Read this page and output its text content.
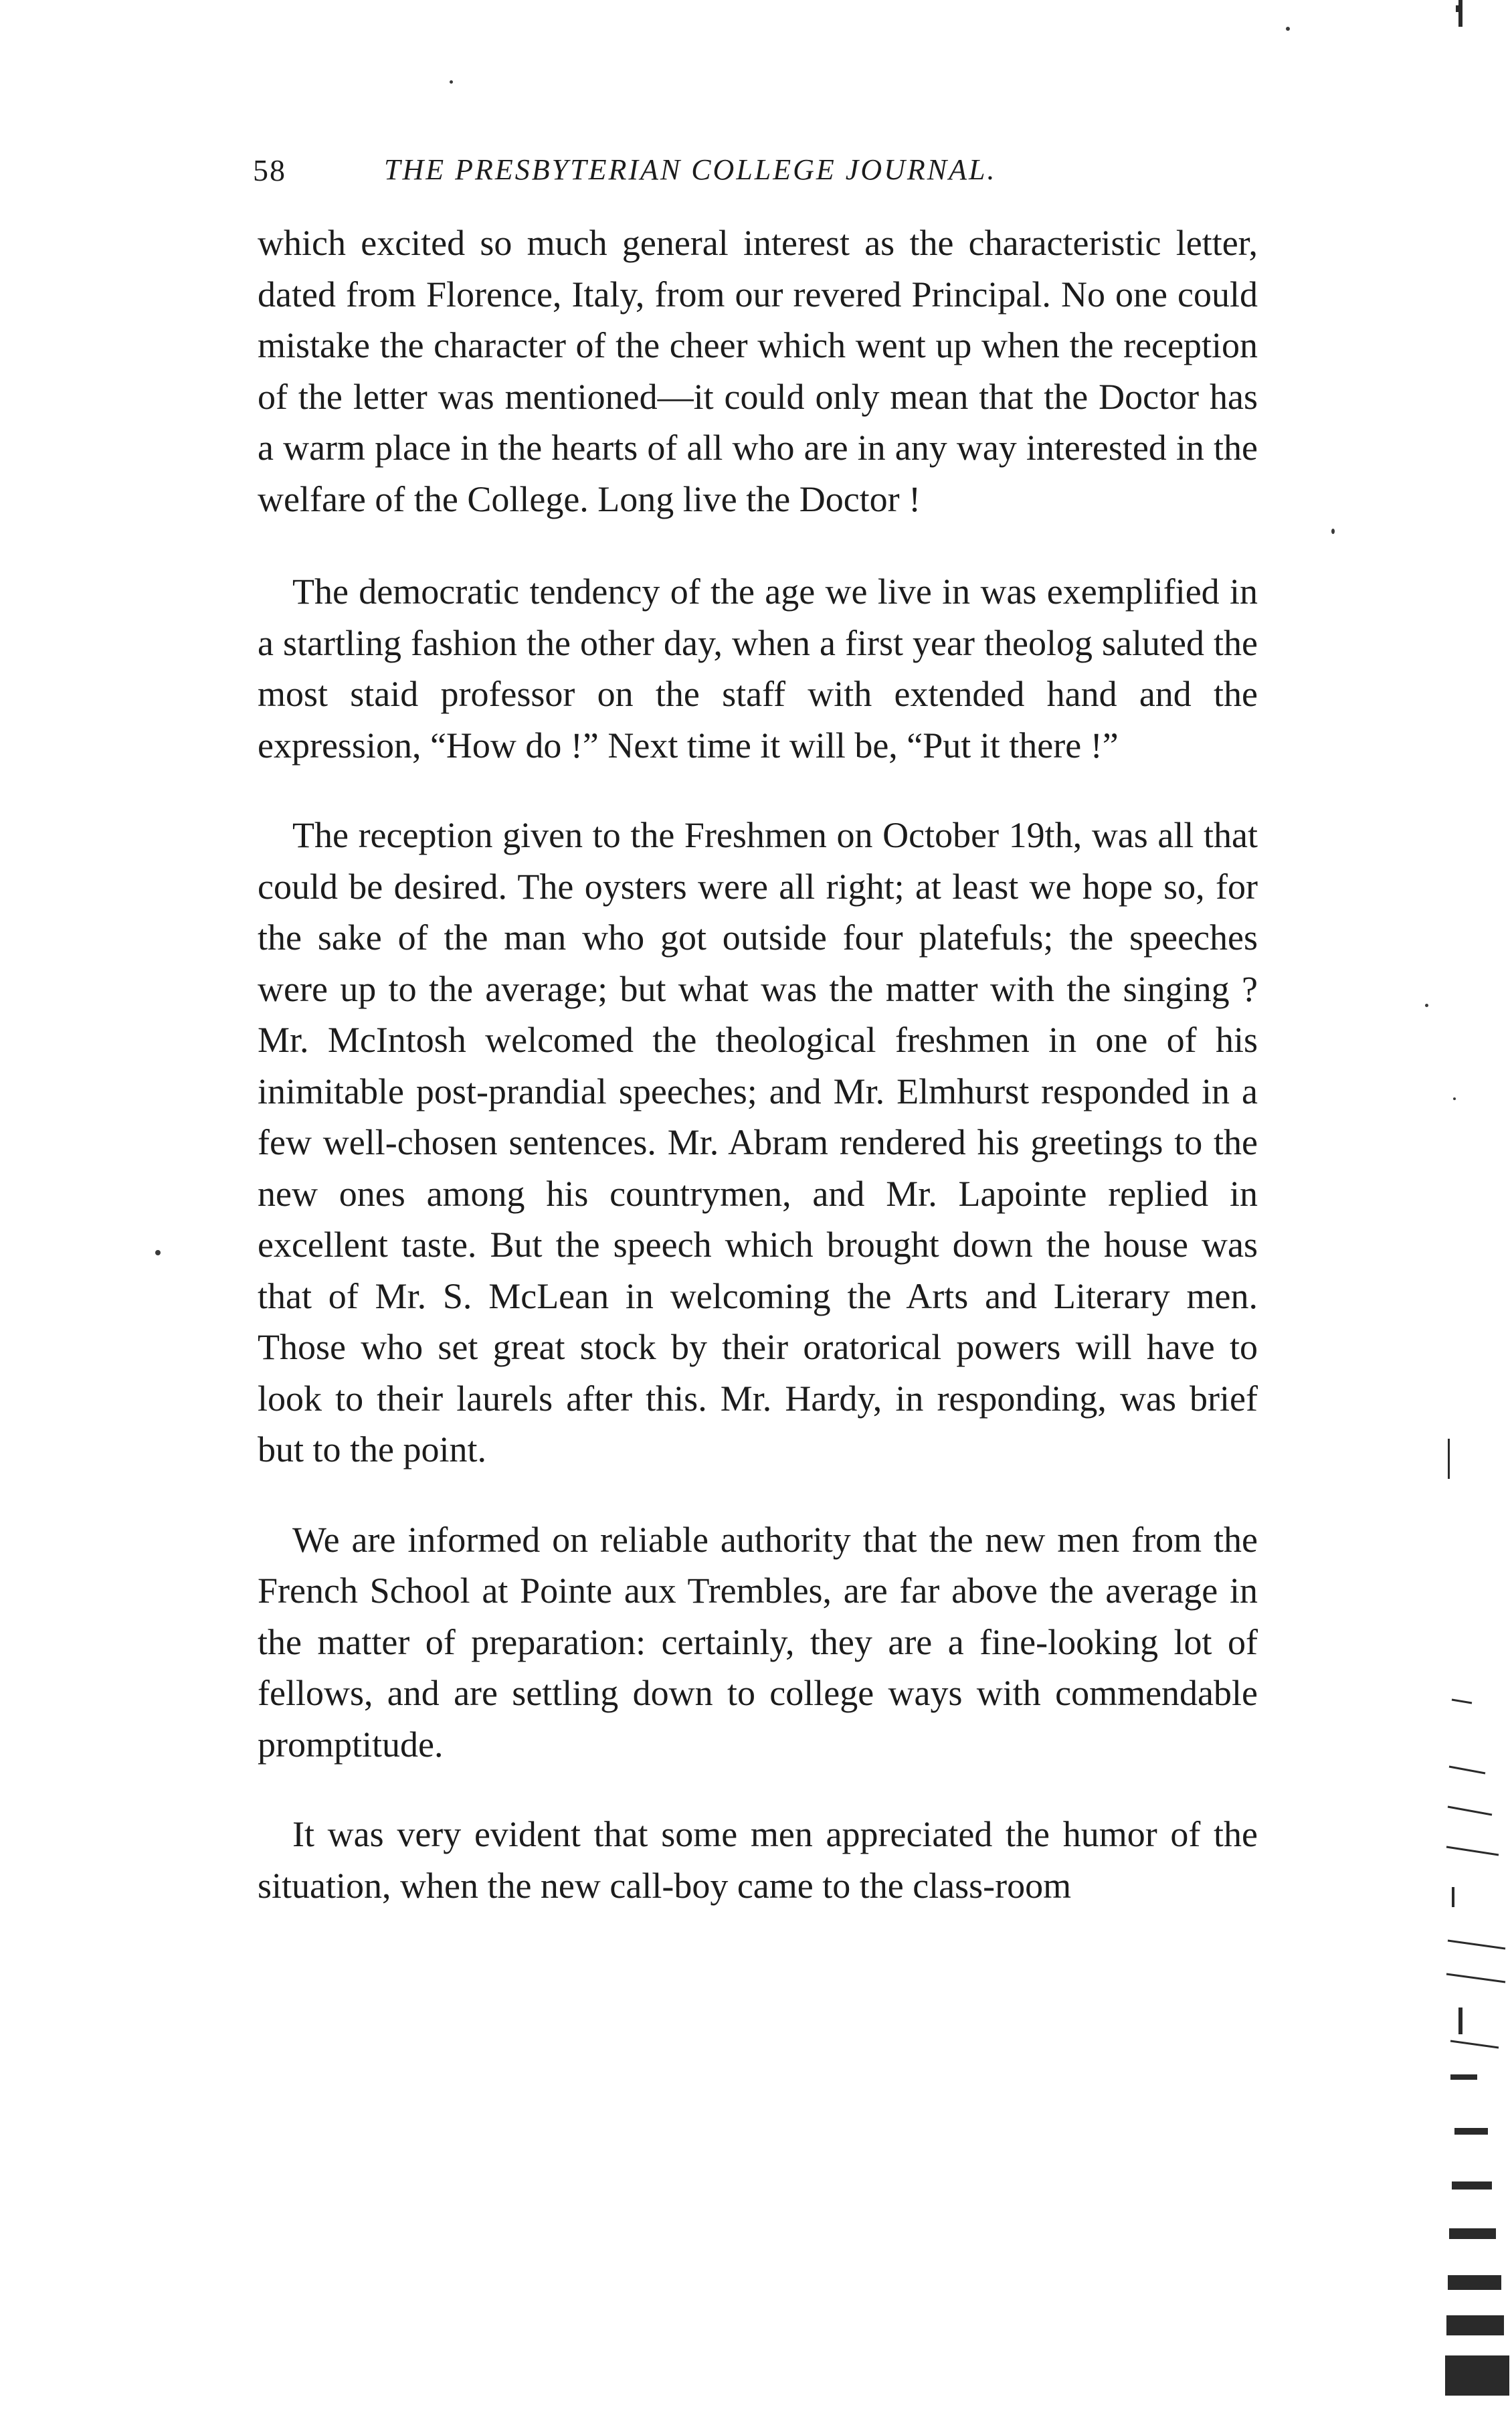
58	THE PRESBYTERIAN COLLEGE JOURNAL.

which excited so much general interest as the characteristic letter, dated from Florence, Italy, from our revered Principal. No one could mistake the character of the cheer which went up when the reception of the letter was mentioned—it could only mean that the Doctor has a warm place in the hearts of all who are in any way interested in the welfare of the College. Long live the Doctor !

The democratic tendency of the age we live in was exemplified in a startling fashion the other day, when a first year theolog saluted the most staid professor on the staff with extended hand and the expression, “How do !” Next time it will be, “Put it there !”

The reception given to the Freshmen on October 19th, was all that could be desired. The oysters were all right; at least we hope so, for the sake of the man who got outside four platefuls; the speeches were up to the average; but what was the matter with the singing ? Mr. McIntosh welcomed the theological freshmen in one of his inimitable post-prandial speeches; and Mr. Elmhurst responded in a few well-chosen sentences. Mr. Abram rendered his greetings to the new ones among his countrymen, and Mr. Lapointe replied in excellent taste. But the speech which brought down the house was that of Mr. S. McLean in welcoming the Arts and Literary men. Those who set great stock by their oratorical powers will have to look to their laurels after this. Mr. Hardy, in responding, was brief but to the point.

We are informed on reliable authority that the new men from the French School at Pointe aux Trembles, are far above the average in the matter of preparation: certainly, they are a fine-looking lot of fellows, and are settling down to college ways with commendable promptitude.

It was very evident that some men appreciated the humor of the situation, when the new call-boy came to the class-room
